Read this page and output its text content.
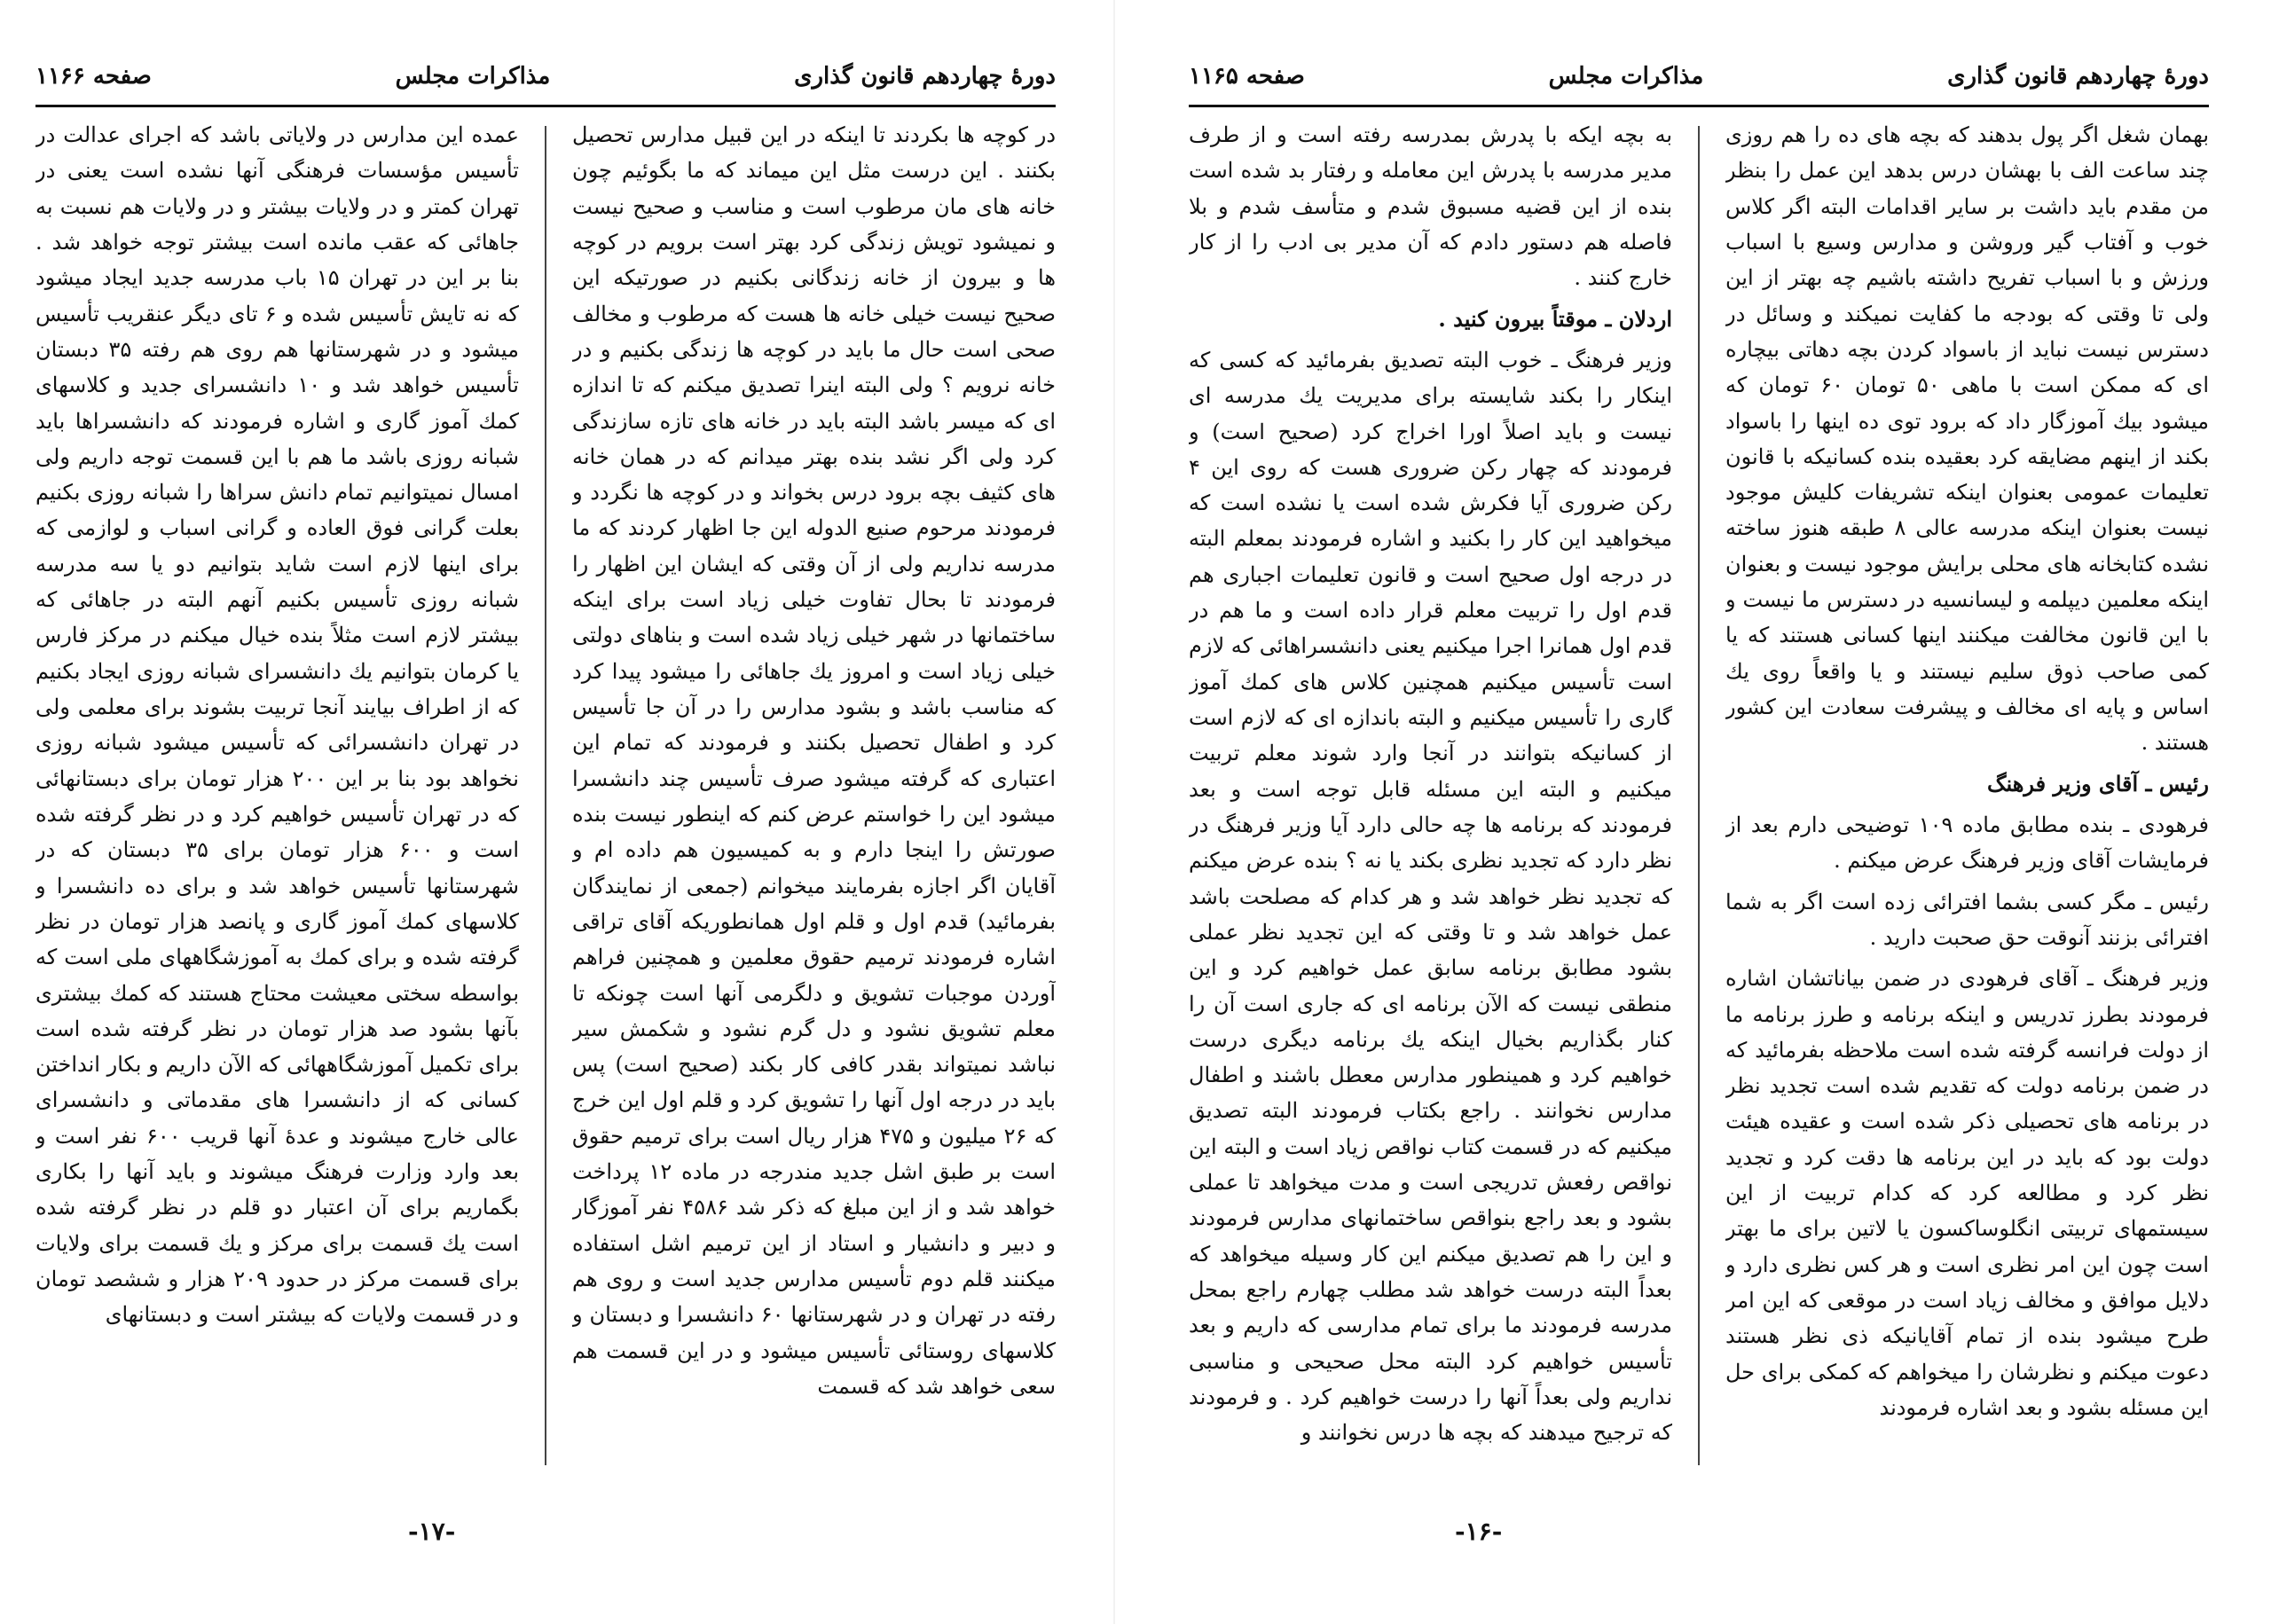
دورهٔ چهاردهم قانون گذاری
مذاکرات مجلس
صفحه ۱۱۶۶

در کوچه ها بکردند تا اینکه در این قبیل مدارس تحصیل بکنند . این درست مثل این میماند که ما بگوئیم چون خانه های مان مرطوب است و مناسب و صحیح نیست و نمیشود تویش زندگی کرد بهتر است برویم در کوچه ها و بیرون از خانه زندگانی بکنیم در صورتیکه این صحیح نیست خیلی خانه ها هست که مرطوب و مخالف صحی است حال ما باید در کوچه ها زندگی بکنیم و در خانه نرویم ؟ ولی البته اینرا تصدیق میکنم که تا اندازه ای که میسر باشد البته باید در خانه های تازه سازندگی کرد ولی اگر نشد بنده بهتر میدانم که در همان خانه های کثیف بچه برود درس بخواند و در کوچه ها نگردد و فرمودند مرحوم صنیع الدوله این جا اظهار کردند که ما مدرسه نداریم ولی از آن وقتی که ایشان این اظهار را فرمودند تا بحال تفاوت خیلی زیاد است برای اینکه ساختمانها در شهر خیلی زیاد شده است و بناهای دولتی خیلی زیاد است و امروز یك جاهائی را میشود پیدا کرد که مناسب باشد و بشود مدارس را در آن جا تأسیس کرد و اطفال تحصیل بکنند و فرمودند که تمام این اعتباری که گرفته میشود صرف تأسیس چند دانشسرا میشود این را خواستم عرض کنم که اینطور نیست بنده صورتش را اینجا دارم و به کمیسیون هم داده ام و آقایان اگر اجازه بفرمایند میخوانم (جمعی از نمایندگان بفرمائید) قدم اول و قلم اول همانطوریکه آقای تراقی اشاره فرمودند ترمیم حقوق معلمین و همچنین فراهم آوردن موجبات تشویق و دلگرمی آنها است چونکه تا معلم تشویق نشود و دل گرم نشود و شکمش سیر نباشد نمیتواند بقدر کافی کار بکند (صحیح است) پس باید در درجه اول آنها را تشویق کرد و قلم اول این خرج که ۲۶ میلیون و ۴۷۵ هزار ریال است برای ترمیم حقوق است بر طبق اشل جدید مندرجه در ماده ۱۲ پرداخت خواهد شد و از این مبلغ که ذکر شد ۴۵۸۶ نفر آموزگار و دبیر و دانشیار و استاد از این ترمیم اشل استفاده میکنند قلم دوم تأسیس مدارس جدید است و روی هم رفته در تهران و در شهرستانها ۶۰ دانشسرا و دبستان و کلاسهای روستائی تأسیس میشود و در این قسمت هم سعی خواهد شد که قسمت

عمده این مدارس در ولایاتی باشد که اجرای عدالت در تأسیس مؤسسات فرهنگی آنها نشده است یعنی در تهران کمتر و در ولایات بیشتر و در ولایات هم نسبت به جاهائی که عقب مانده است بیشتر توجه خواهد شد . بنا بر این در تهران ۱۵ باب مدرسه جدید ایجاد میشود که نه تایش تأسیس شده و ۶ تای دیگر عنقریب تأسیس میشود و در شهرستانها هم روی هم رفته ۳۵ دبستان تأسیس خواهد شد و ۱۰ دانشسرای جدید و کلاسهای کمك آموز گاری و اشاره فرمودند که دانشسراها باید شبانه روزی باشد ما هم با این قسمت توجه داریم ولی امسال نمیتوانیم تمام دانش سراها را شبانه روزی بکنیم بعلت گرانی فوق العاده و گرانی اسباب و لوازمی که برای اینها لازم است شاید بتوانیم دو یا سه مدرسه شبانه روزی تأسیس بکنیم آنهم البته در جاهائی که بیشتر لازم است مثلاً بنده خیال میکنم در مرکز فارس یا کرمان بتوانیم یك دانشسرای شبانه روزی ایجاد بکنیم که از اطراف بیایند آنجا تربیت بشوند برای معلمی ولی در تهران دانشسرائی که تأسیس میشود شبانه روزی نخواهد بود بنا بر این ۲۰۰ هزار تومان برای دبستانهائی که در تهران تأسیس خواهیم کرد و در نظر گرفته شده است و ۶۰۰ هزار تومان برای ۳۵ دبستان که در شهرستانها تأسیس خواهد شد و برای ده دانشسرا و کلاسهای کمك آموز گاری و پانصد هزار تومان در نظر گرفته شده و برای کمك به آموزشگاههای ملی است که بواسطه سختی معیشت محتاج هستند که کمك بیشتری بآنها بشود صد هزار تومان در نظر گرفته شده است برای تکمیل آموزشگاههائی که الآن داریم و بکار انداختن کسانی که از دانشسرا های مقدماتی و دانشسرای عالی خارج میشوند و عدهٔ آنها قریب ۶۰۰ نفر است و بعد وارد وزارت فرهنگ میشوند و باید آنها را بکاری بگماریم برای آن اعتبار دو قلم در نظر گرفته شده است یك قسمت برای مرکز و یك قسمت برای ولایات برای قسمت مرکز در حدود ۲۰۹ هزار و ششصد تومان و در قسمت ولایات که بیشتر است و دبستانهای

-۱۷-
دورهٔ چهاردهم قانون گذاری
مذاکرات مجلس
صفحه ۱۱۶۵

بهمان شغل اگر پول بدهند که بچه های ده را هم روزی چند ساعت الف با بهشان درس بدهد این عمل را بنظر من مقدم باید داشت بر سایر اقدامات البته اگر کلاس خوب و آفتاب گیر وروشن و مدارس وسیع با اسباب ورزش و با اسباب تفریح داشته باشیم چه بهتر از این ولی تا وقتی که بودجه ما کفایت نمیکند و وسائل در دسترس نیست نباید از باسواد کردن بچه دهاتی بیچاره ای که ممکن است با ماهی ۵۰ تومان ۶۰ تومان که میشود بیك آموزگار داد که برود توی ده اینها را باسواد بکند از اینهم مضایقه کرد بعقیده بنده کسانیکه با قانون تعلیمات عمومی بعنوان اینکه تشریفات کلیش موجود نیست بعنوان اینکه مدرسه عالی ۸ طبقه هنوز ساخته نشده کتابخانه های محلی برایش موجود نیست و بعنوان اینکه معلمین دیپلمه و لیسانسیه در دسترس ما نیست و با این قانون مخالفت میکنند اینها کسانی هستند که یا کمی صاحب ذوق سلیم نیستند و یا واقعاً روی یك اساس و پایه ای مخالف و پیشرفت سعادت این کشور هستند .

رئیس ـ آقای وزیر فرهنگ

فرهودی ـ بنده مطابق ماده ۱۰۹ توضیحی دارم بعد از فرمایشات آقای وزیر فرهنگ عرض میکنم .

رئیس ـ مگر کسی بشما افترائی زده است اگر به شما افترائی بزنند آنوقت حق صحبت دارید .

وزیر فرهنگ ـ آقای فرهودی در ضمن بیاناتشان اشاره فرمودند بطرز تدریس و اینکه برنامه و طرز برنامه ما از دولت فرانسه گرفته شده است ملاحظه بفرمائید که در ضمن برنامه دولت که تقدیم شده است تجدید نظر در برنامه های تحصیلی ذکر شده است و عقیده هیئت دولت بود که باید در این برنامه ها دقت کرد و تجدید نظر کرد و مطالعه کرد که کدام تربیت از این سیستمهای تربیتی انگلوساکسون یا لاتین برای ما بهتر است چون این امر نظری است و هر کس نظری دارد و دلایل موافق و مخالف زیاد است در موقعی که این امر طرح میشود بنده از تمام آقایانیکه ذی نظر هستند دعوت میکنم و نظرشان را میخواهم که کمکی برای حل این مسئله بشود و بعد اشاره فرمودند

به بچه ایکه با پدرش بمدرسه رفته است و از طرف مدیر مدرسه با پدرش این معامله و رفتار بد شده است بنده از این قضیه مسبوق شدم و متأسف شدم و بلا فاصله هم دستور دادم که آن مدیر بی ادب را از کار خارج کنند .

اردلان ـ موقتاً بیرون کنید .

وزیر فرهنگ ـ خوب البته تصدیق بفرمائید که کسی که اینکار را بکند شایسته برای مدیریت یك مدرسه ای نیست و باید اصلاً اورا اخراج کرد (صحیح است) و فرمودند که چهار رکن ضروری هست که روی این ۴ رکن ضروری آیا فکرش شده است یا نشده است که میخواهید این کار را بکنید و اشاره فرمودند بمعلم البته در درجه اول صحیح است و قانون تعلیمات اجباری هم قدم اول را تربیت معلم قرار داده است و ما هم در قدم اول همانرا اجرا میکنیم یعنی دانشسراهائی که لازم است تأسیس میکنیم همچنین کلاس های کمك آموز گاری را تأسیس میکنیم و البته باندازه ای که لازم است از کسانیکه بتوانند در آنجا وارد شوند معلم تربیت میکنیم و البته این مسئله قابل توجه است و بعد فرمودند که برنامه ها چه حالی دارد آیا وزیر فرهنگ در نظر دارد که تجدید نظری بکند یا نه ؟ بنده عرض میکنم که تجدید نظر خواهد شد و هر کدام که مصلحت باشد عمل خواهد شد و تا وقتی که این تجدید نظر عملی بشود مطابق برنامه سابق عمل خواهیم کرد و این منطقی نیست که الآن برنامه ای که جاری است آن را کنار بگذاریم بخیال اینکه یك برنامه دیگری درست خواهیم کرد و همینطور مدارس معطل باشند و اطفال مدارس نخوانند . راجع بکتاب فرمودند البته تصدیق میکنیم که در قسمت کتاب نواقص زیاد است و البته این نواقص رفعش تدریجی است و مدت میخواهد تا عملی بشود و بعد راجع بنواقص ساختمانهای مدارس فرمودند و این را هم تصدیق میکنم این کار وسیله میخواهد که بعداً البته درست خواهد شد مطلب چهارم راجع بمحل مدرسه فرمودند ما برای تمام مدارسی که داریم و بعد تأسیس خواهیم کرد البته محل صحیحی و مناسبی نداریم ولی بعداً آنها را درست خواهیم کرد . و فرمودند که ترجیح میدهند که بچه ها درس نخوانند و

-۱۶-
